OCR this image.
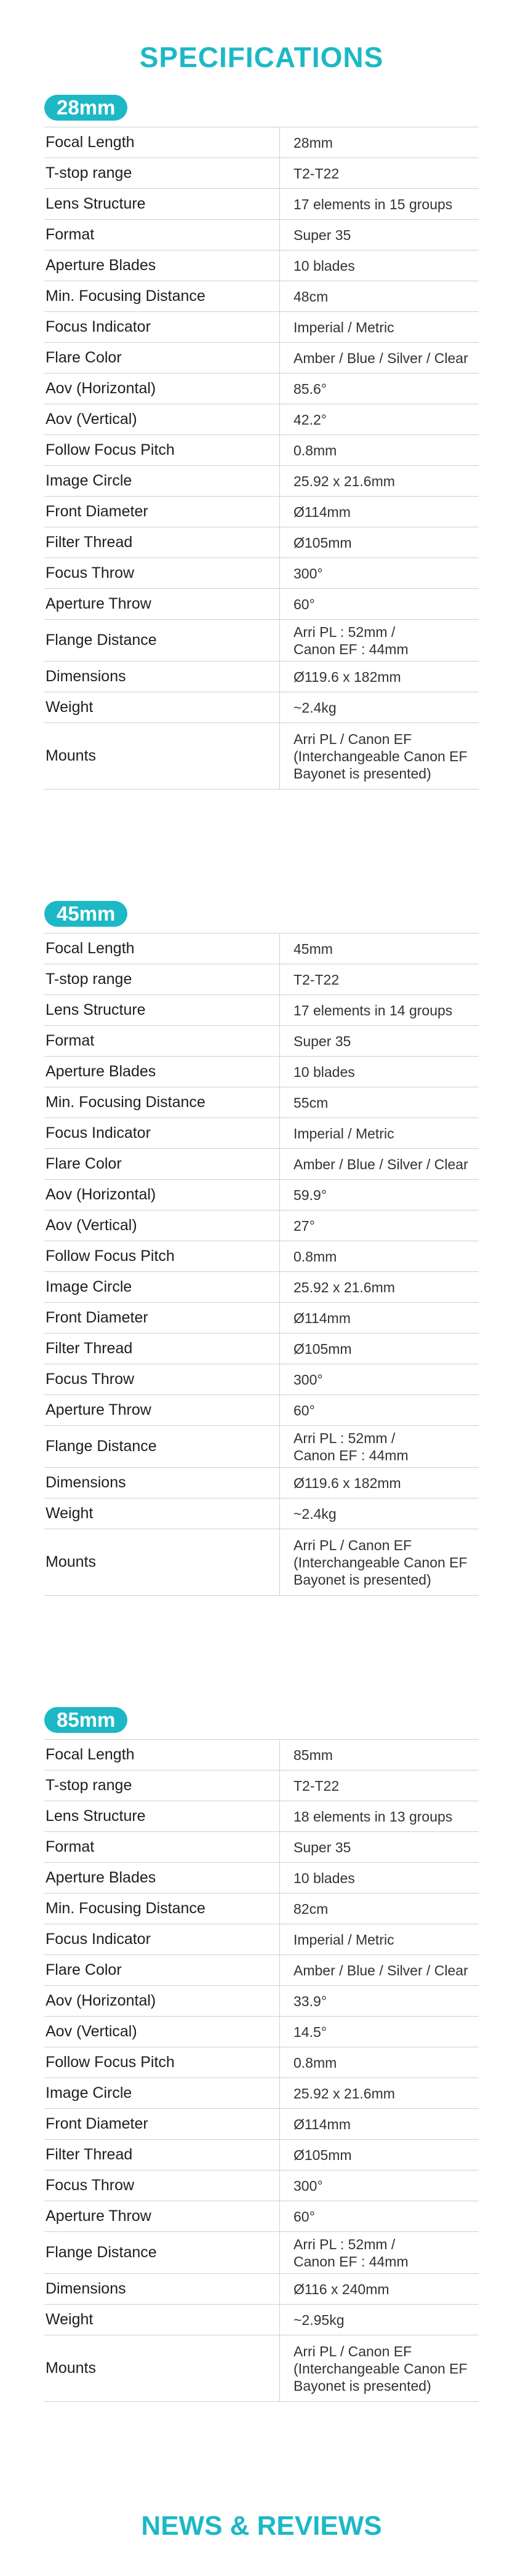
SPECIFICATIONS
28mm
Focal Length	28mm
T-stop range	T2-T22
Lens Structure	17 elements in 15 groups
Format	Super 35
Aperture Blades	10 blades
Min. Focusing Distance	48cm
Focus Indicator	Imperial / Metric
Flare Color	Amber / Blue / Silver / Clear
Aov (Horizontal)	85.6°
Aov (Vertical)	42.2°
Follow Focus Pitch	0.8mm
Image Circle	25.92 x 21.6mm
Front Diameter	Ø114mm
Filter Thread	Ø105mm
Focus Throw	300°
Aperture Throw	60°
Flange Distance	Arri PL : 52mm /
Canon EF : 44mm
Dimensions	Ø119.6 x 182mm
Weight	~2.4kg
Mounts	Arri PL / Canon EF
(Interchangeable Canon EF
Bayonet is presented)
45mm
Focal Length	45mm
T-stop range	T2-T22
Lens Structure	17 elements in 14 groups
Format	Super 35
Aperture Blades	10 blades
Min. Focusing Distance	55cm
Focus Indicator	Imperial / Metric
Flare Color	Amber / Blue / Silver / Clear
Aov (Horizontal)	59.9°
Aov (Vertical)	27°
Follow Focus Pitch	0.8mm
Image Circle	25.92 x 21.6mm
Front Diameter	Ø114mm
Filter Thread	Ø105mm
Focus Throw	300°
Aperture Throw	60°
Flange Distance	Arri PL : 52mm /
Canon EF : 44mm
Dimensions	Ø119.6 x 182mm
Weight	~2.4kg
Mounts	Arri PL / Canon EF
(Interchangeable Canon EF
Bayonet is presented)
85mm
Focal Length	85mm
T-stop range	T2-T22
Lens Structure	18 elements in 13 groups
Format	Super 35
Aperture Blades	10 blades
Min. Focusing Distance	82cm
Focus Indicator	Imperial / Metric
Flare Color	Amber / Blue / Silver / Clear
Aov (Horizontal)	33.9°
Aov (Vertical)	14.5°
Follow Focus Pitch	0.8mm
Image Circle	25.92 x 21.6mm
Front Diameter	Ø114mm
Filter Thread	Ø105mm
Focus Throw	300°
Aperture Throw	60°
Flange Distance	Arri PL : 52mm /
Canon EF : 44mm
Dimensions	Ø116 x 240mm
Weight	~2.95kg
Mounts	Arri PL / Canon EF
(Interchangeable Canon EF
Bayonet is presented)
NEWS & REVIEWS
